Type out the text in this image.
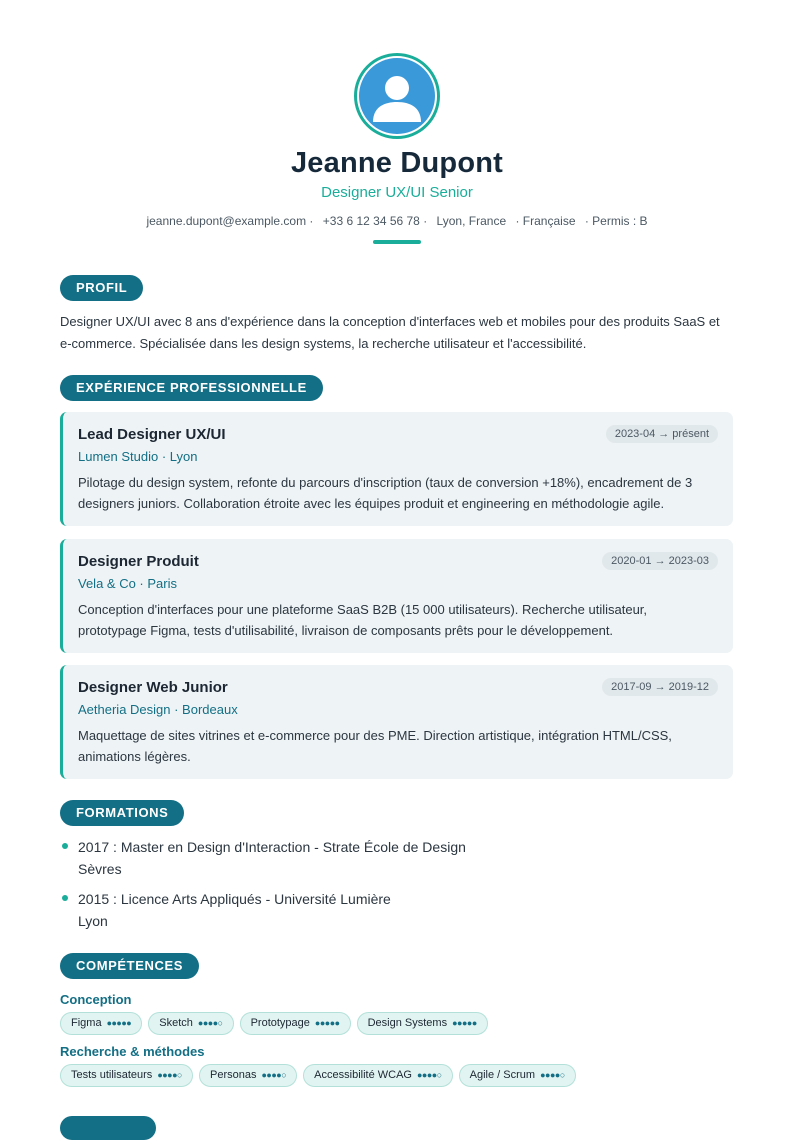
Jeanne Dupont
Designer UX/UI Senior
jeanne.dupont@example.com · +33 6 12 34 56 78 · Lyon, France · Française · Permis : B
PROFIL
Designer UX/UI avec 8 ans d'expérience dans la conception d'interfaces web et mobiles pour des produits SaaS et e-commerce. Spécialisée dans les design systems, la recherche utilisateur et l'accessibilité.
EXPÉRIENCE PROFESSIONNELLE
Lead Designer UX/UI	2023-04 → présent
Lumen Studio · Lyon
Pilotage du design system, refonte du parcours d'inscription (taux de conversion +18%), encadrement de 3 designers juniors. Collaboration étroite avec les équipes produit et engineering en méthodologie agile.
Designer Produit	2020-01 → 2023-03
Vela & Co · Paris
Conception d'interfaces pour une plateforme SaaS B2B (15 000 utilisateurs). Recherche utilisateur, prototypage Figma, tests d'utilisabilité, livraison de composants prêts pour le développement.
Designer Web Junior	2017-09 → 2019-12
Aetheria Design · Bordeaux
Maquettage de sites vitrines et e-commerce pour des PME. Direction artistique, intégration HTML/CSS, animations légères.
FORMATIONS
2017 : Master en Design d'Interaction - Strate École de Design
Sèvres
2015 : Licence Arts Appliqués - Université Lumière
Lyon
COMPÉTENCES
Conception
Figma ●●●●●	Sketch ●●●●○	Prototypage ●●●●●	Design Systems ●●●●●
Recherche & méthodes
Tests utilisateurs ●●●●○	Personas ●●●●○	Accessibilité WCAG ●●●●○	Agile / Scrum ●●●●○
